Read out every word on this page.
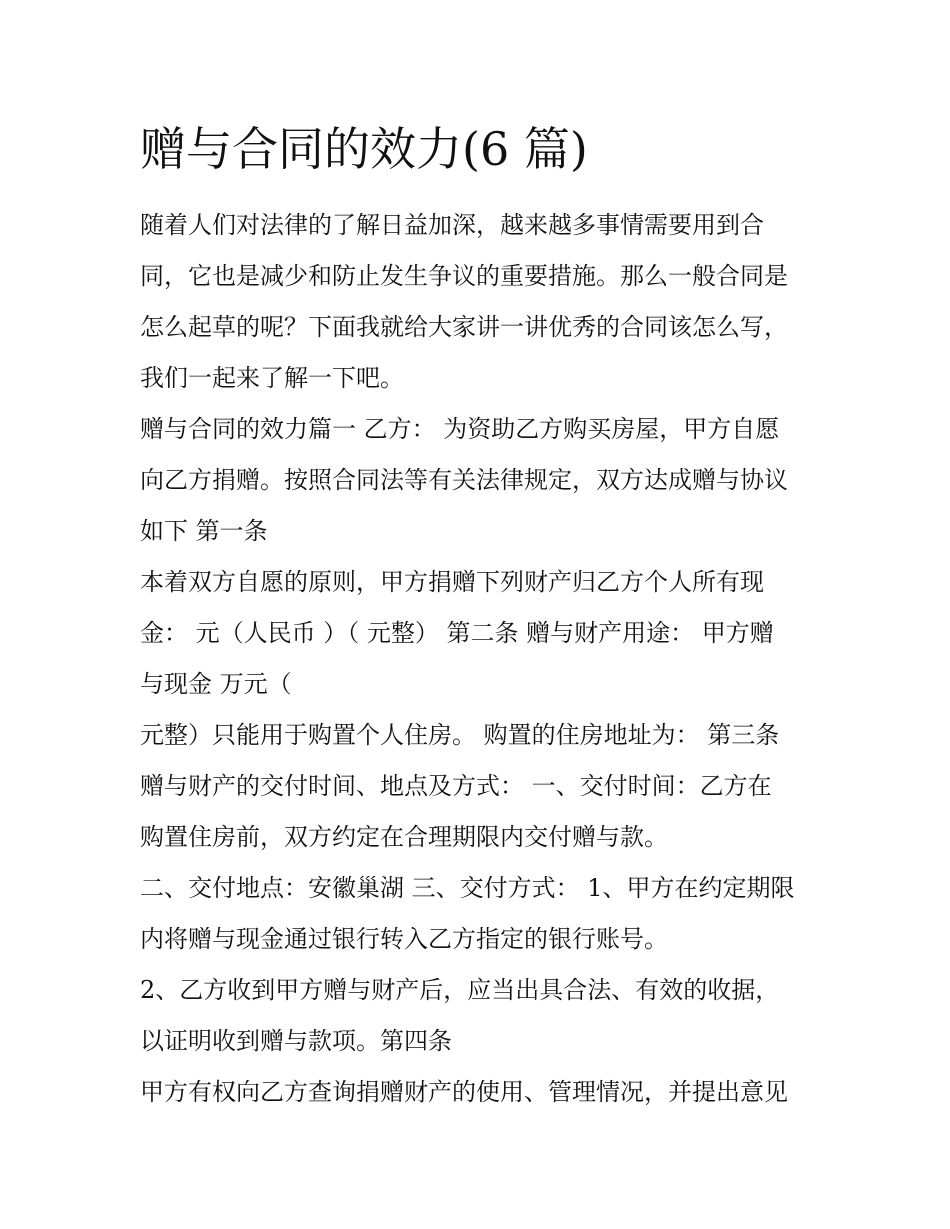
赠与合同的效力(6 篇)

随着人们对法律的了解日益加深，越来越多事情需要用到合

同，它也是减少和防止发生争议的重要措施。那么一般合同是

怎么起草的呢？下面我就给大家讲一讲优秀的合同该怎么写，

我们一起来了解一下吧。

赠与合同的效力篇一 乙方： 为资助乙方购买房屋，甲方自愿

向乙方捐赠。按照合同法等有关法律规定，双方达成赠与协议

如下 第一条

本着双方自愿的原则，甲方捐赠下列财产归乙方个人所有现

金： 元（人民币 ）（ 元整） 第二条 赠与财产用途： 甲方赠

与现金 万元（

元整）只能用于购置个人住房。 购置的住房地址为： 第三条

赠与财产的交付时间、地点及方式： 一、交付时间：乙方在

购置住房前，双方约定在合理期限内交付赠与款。

二、交付地点：安徽巢湖 三、交付方式： 1、甲方在约定期限

内将赠与现金通过银行转入乙方指定的银行账号。

2、乙方收到甲方赠与财产后，应当出具合法、有效的收据，

以证明收到赠与款项。第四条

甲方有权向乙方查询捐赠财产的使用、管理情况，并提出意见
